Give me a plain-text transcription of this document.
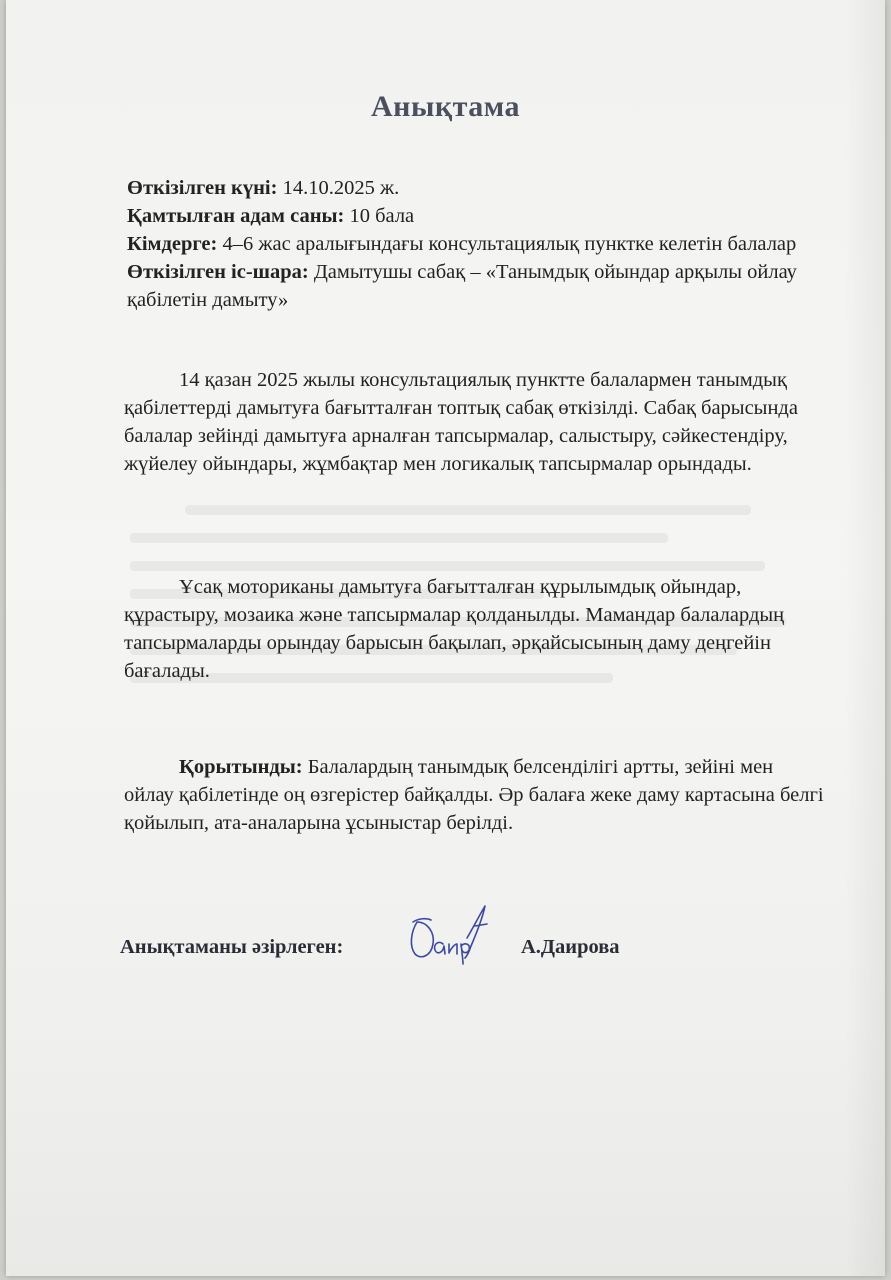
Анықтама

Өткізілген күні: 14.10.2025 ж.

Қамтылған адам саны: 10 бала

Кімдерге: 4–6 жас аралығындағы консультациялық пунктке келетін балалар

Өткізілген іс-шара: Дамытушы сабақ – «Танымдық ойындар арқылы ойлау қабілетін дамыту»

14 қазан 2025 жылы консультациялық пунктте балалармен танымдық қабілеттерді дамытуға бағытталған топтық сабақ өткізілді. Сабақ барысында балалар зейінді дамытуға арналған тапсырмалар, салыстыру, сәйкестендіру, жүйелеу ойындары, жұмбақтар мен логикалық тапсырмалар орындады.

Ұсақ моториканы дамытуға бағытталған құрылымдық ойындар, құрастыру, мозаика және тапсырмалар қолданылды. Мамандар балалардың тапсырмаларды орындау барысын бақылап, әрқайсысының даму деңгейін бағалады.

Қорытынды: Балалардың танымдық белсенділігі артты, зейіні мен ойлау қабілетінде оң өзгерістер байқалды. Әр балаға жеке даму картасына белгі қойылып, ата-аналарына ұсыныстар берілді.

Анықтаманы әзірлеген:	А.Даирова
